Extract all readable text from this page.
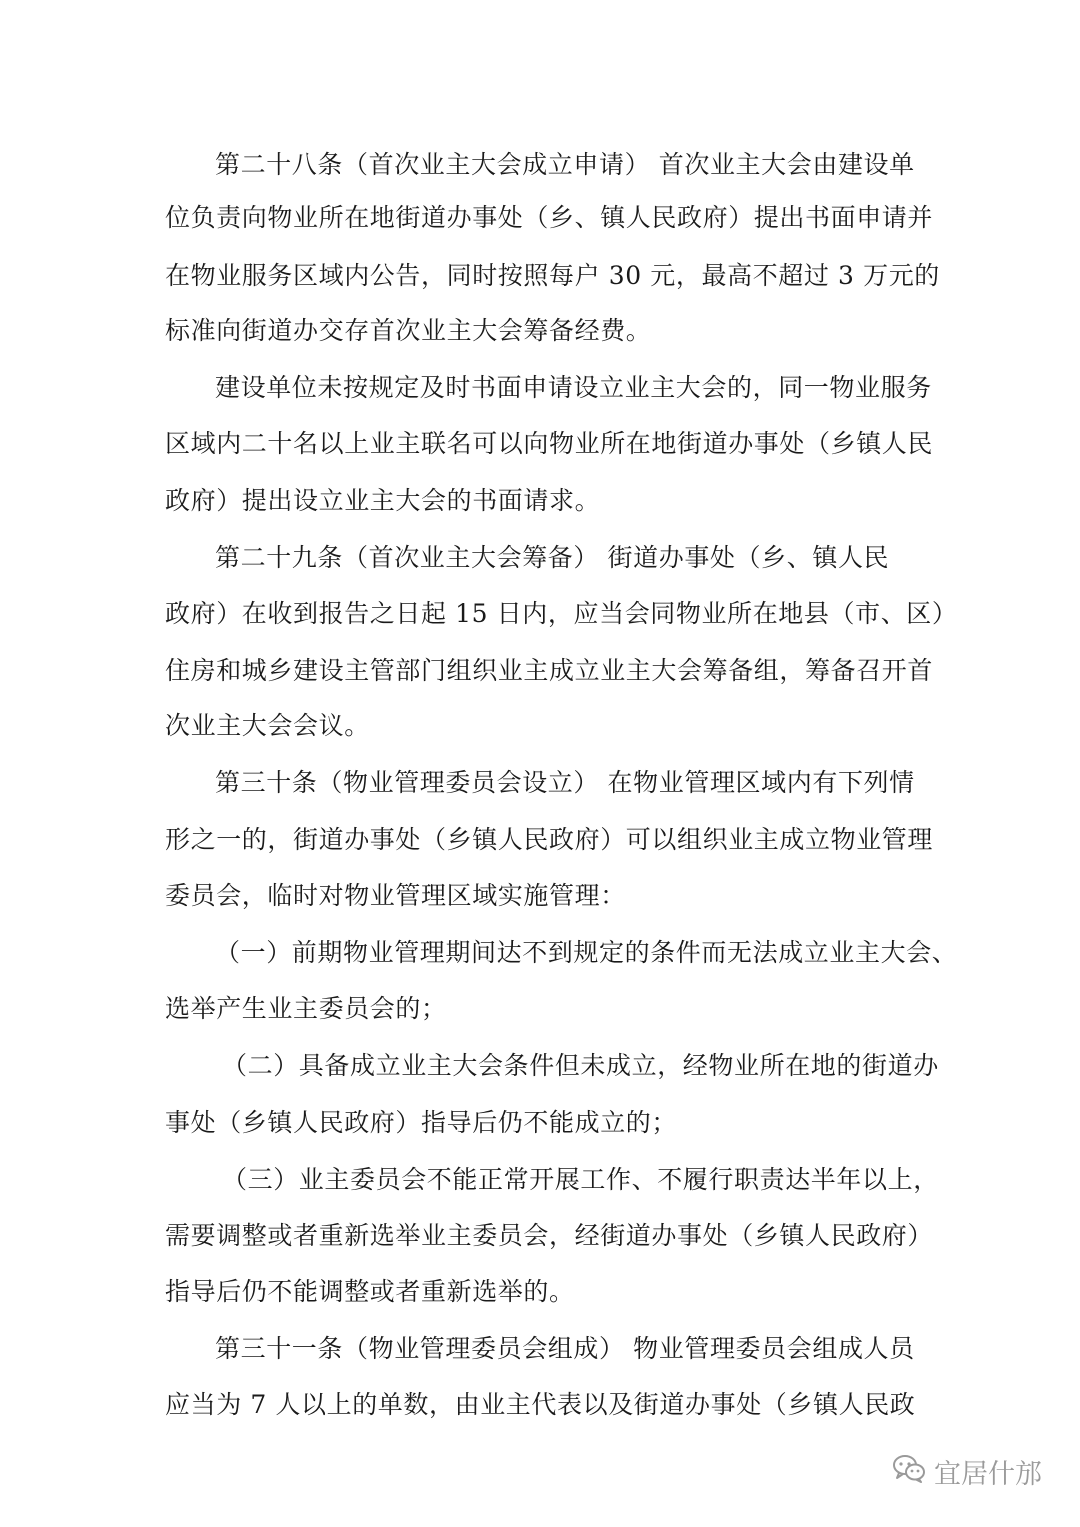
第二十八条（首次业主大会成立申请） 首次业主大会由建设单
位负责向物业所在地街道办事处（乡、镇人民政府）提出书面申请并
在物业服务区域内公告，同时按照每户 30 元，最高不超过 3 万元的
标准向街道办交存首次业主大会筹备经费。
建设单位未按规定及时书面申请设立业主大会的，同一物业服务
区域内二十名以上业主联名可以向物业所在地街道办事处（乡镇人民
政府）提出设立业主大会的书面请求。
第二十九条（首次业主大会筹备） 街道办事处（乡、镇人民
政府）在收到报告之日起 15 日内，应当会同物业所在地县（市、区）
住房和城乡建设主管部门组织业主成立业主大会筹备组，筹备召开首
次业主大会会议。
第三十条（物业管理委员会设立） 在物业管理区域内有下列情
形之一的，街道办事处（乡镇人民政府）可以组织业主成立物业管理
委员会，临时对物业管理区域实施管理：
（一）前期物业管理期间达不到规定的条件而无法成立业主大会、
选举产生业主委员会的；
（二）具备成立业主大会条件但未成立，经物业所在地的街道办
事处（乡镇人民政府）指导后仍不能成立的；
（三）业主委员会不能正常开展工作、不履行职责达半年以上，
需要调整或者重新选举业主委员会，经街道办事处（乡镇人民政府）
指导后仍不能调整或者重新选举的。
第三十一条（物业管理委员会组成） 物业管理委员会组成人员
应当为 7 人以上的单数，由业主代表以及街道办事处（乡镇人民政
宜居什邡
